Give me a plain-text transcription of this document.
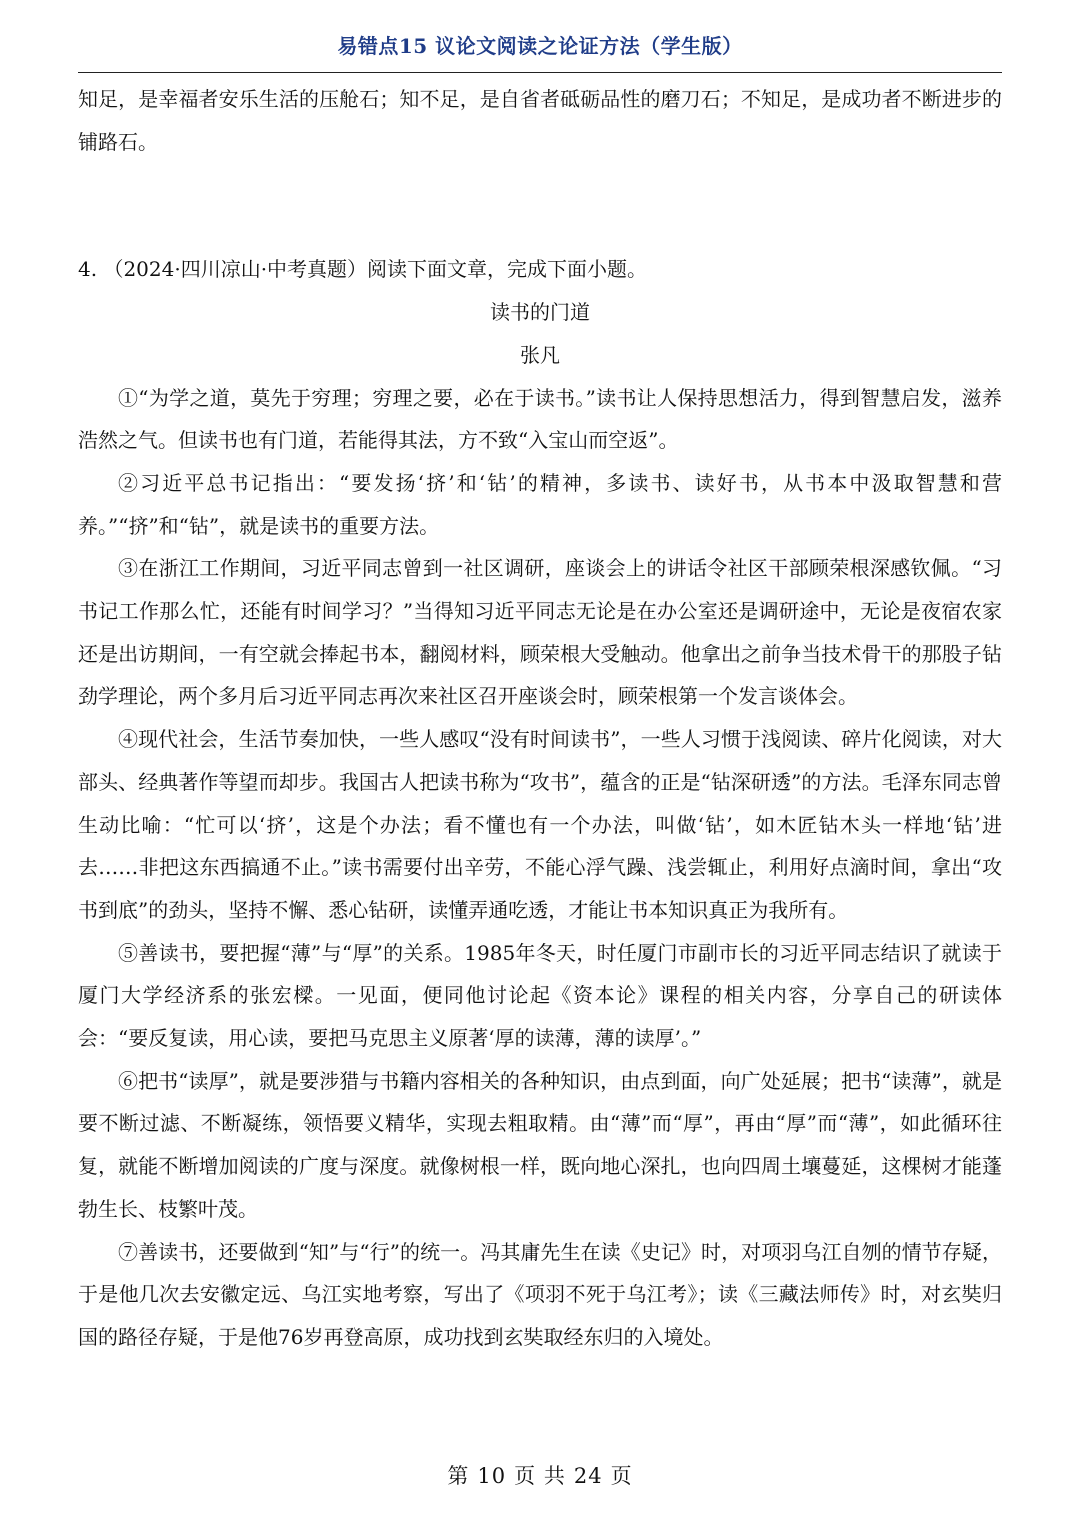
易错点15 议论文阅读之论证方法（学生版）

知足，是幸福者安乐生活的压舱石；知不足，是自省者砥砺品性的磨刀石；不知足，是成功者不断进步的铺路石。

4. （2024·四川凉山·中考真题）阅读下面文章，完成下面小题。

读书的门道

张凡

①“为学之道，莫先于穷理；穷理之要，必在于读书。”读书让人保持思想活力，得到智慧启发，滋养浩然之气。但读书也有门道，若能得其法，方不致“入宝山而空返”。

②习近平总书记指出：“要发扬‘挤’和‘钻’的精神，多读书、读好书，从书本中汲取智慧和营养。”“挤”和“钻”，就是读书的重要方法。

③在浙江工作期间，习近平同志曾到一社区调研，座谈会上的讲话令社区干部顾荣根深感钦佩。“习书记工作那么忙，还能有时间学习？”当得知习近平同志无论是在办公室还是调研途中，无论是夜宿农家还是出访期间，一有空就会捧起书本，翻阅材料，顾荣根大受触动。他拿出之前争当技术骨干的那股子钻劲学理论，两个多月后习近平同志再次来社区召开座谈会时，顾荣根第一个发言谈体会。

④现代社会，生活节奏加快，一些人感叹“没有时间读书”，一些人习惯于浅阅读、碎片化阅读，对大部头、经典著作等望而却步。我国古人把读书称为“攻书”，蕴含的正是“钻深研透”的方法。毛泽东同志曾生动比喻：“忙可以‘挤’，这是个办法；看不懂也有一个办法，叫做‘钻’，如木匠钻木头一样地‘钻’进去……非把这东西搞通不止。”读书需要付出辛劳，不能心浮气躁、浅尝辄止，利用好点滴时间，拿出“攻书到底”的劲头，坚持不懈、悉心钻研，读懂弄通吃透，才能让书本知识真正为我所有。

⑤善读书，要把握“薄”与“厚”的关系。1985年冬天，时任厦门市副市长的习近平同志结识了就读于厦门大学经济系的张宏樑。一见面，便同他讨论起《资本论》课程的相关内容，分享自己的研读体会：“要反复读，用心读，要把马克思主义原著‘厚的读薄，薄的读厚’。”

⑥把书“读厚”，就是要涉猎与书籍内容相关的各种知识，由点到面，向广处延展；把书“读薄”，就是要不断过滤、不断凝练，领悟要义精华，实现去粗取精。由“薄”而“厚”，再由“厚”而“薄”，如此循环往复，就能不断增加阅读的广度与深度。就像树根一样，既向地心深扎，也向四周土壤蔓延，这棵树才能蓬勃生长、枝繁叶茂。

⑦善读书，还要做到“知”与“行”的统一。冯其庸先生在读《史记》时，对项羽乌江自刎的情节存疑，于是他几次去安徽定远、乌江实地考察，写出了《项羽不死于乌江考》；读《三藏法师传》时，对玄奘归国的路径存疑，于是他76岁再登高原，成功找到玄奘取经东归的入境处。

第 10 页 共 24 页
